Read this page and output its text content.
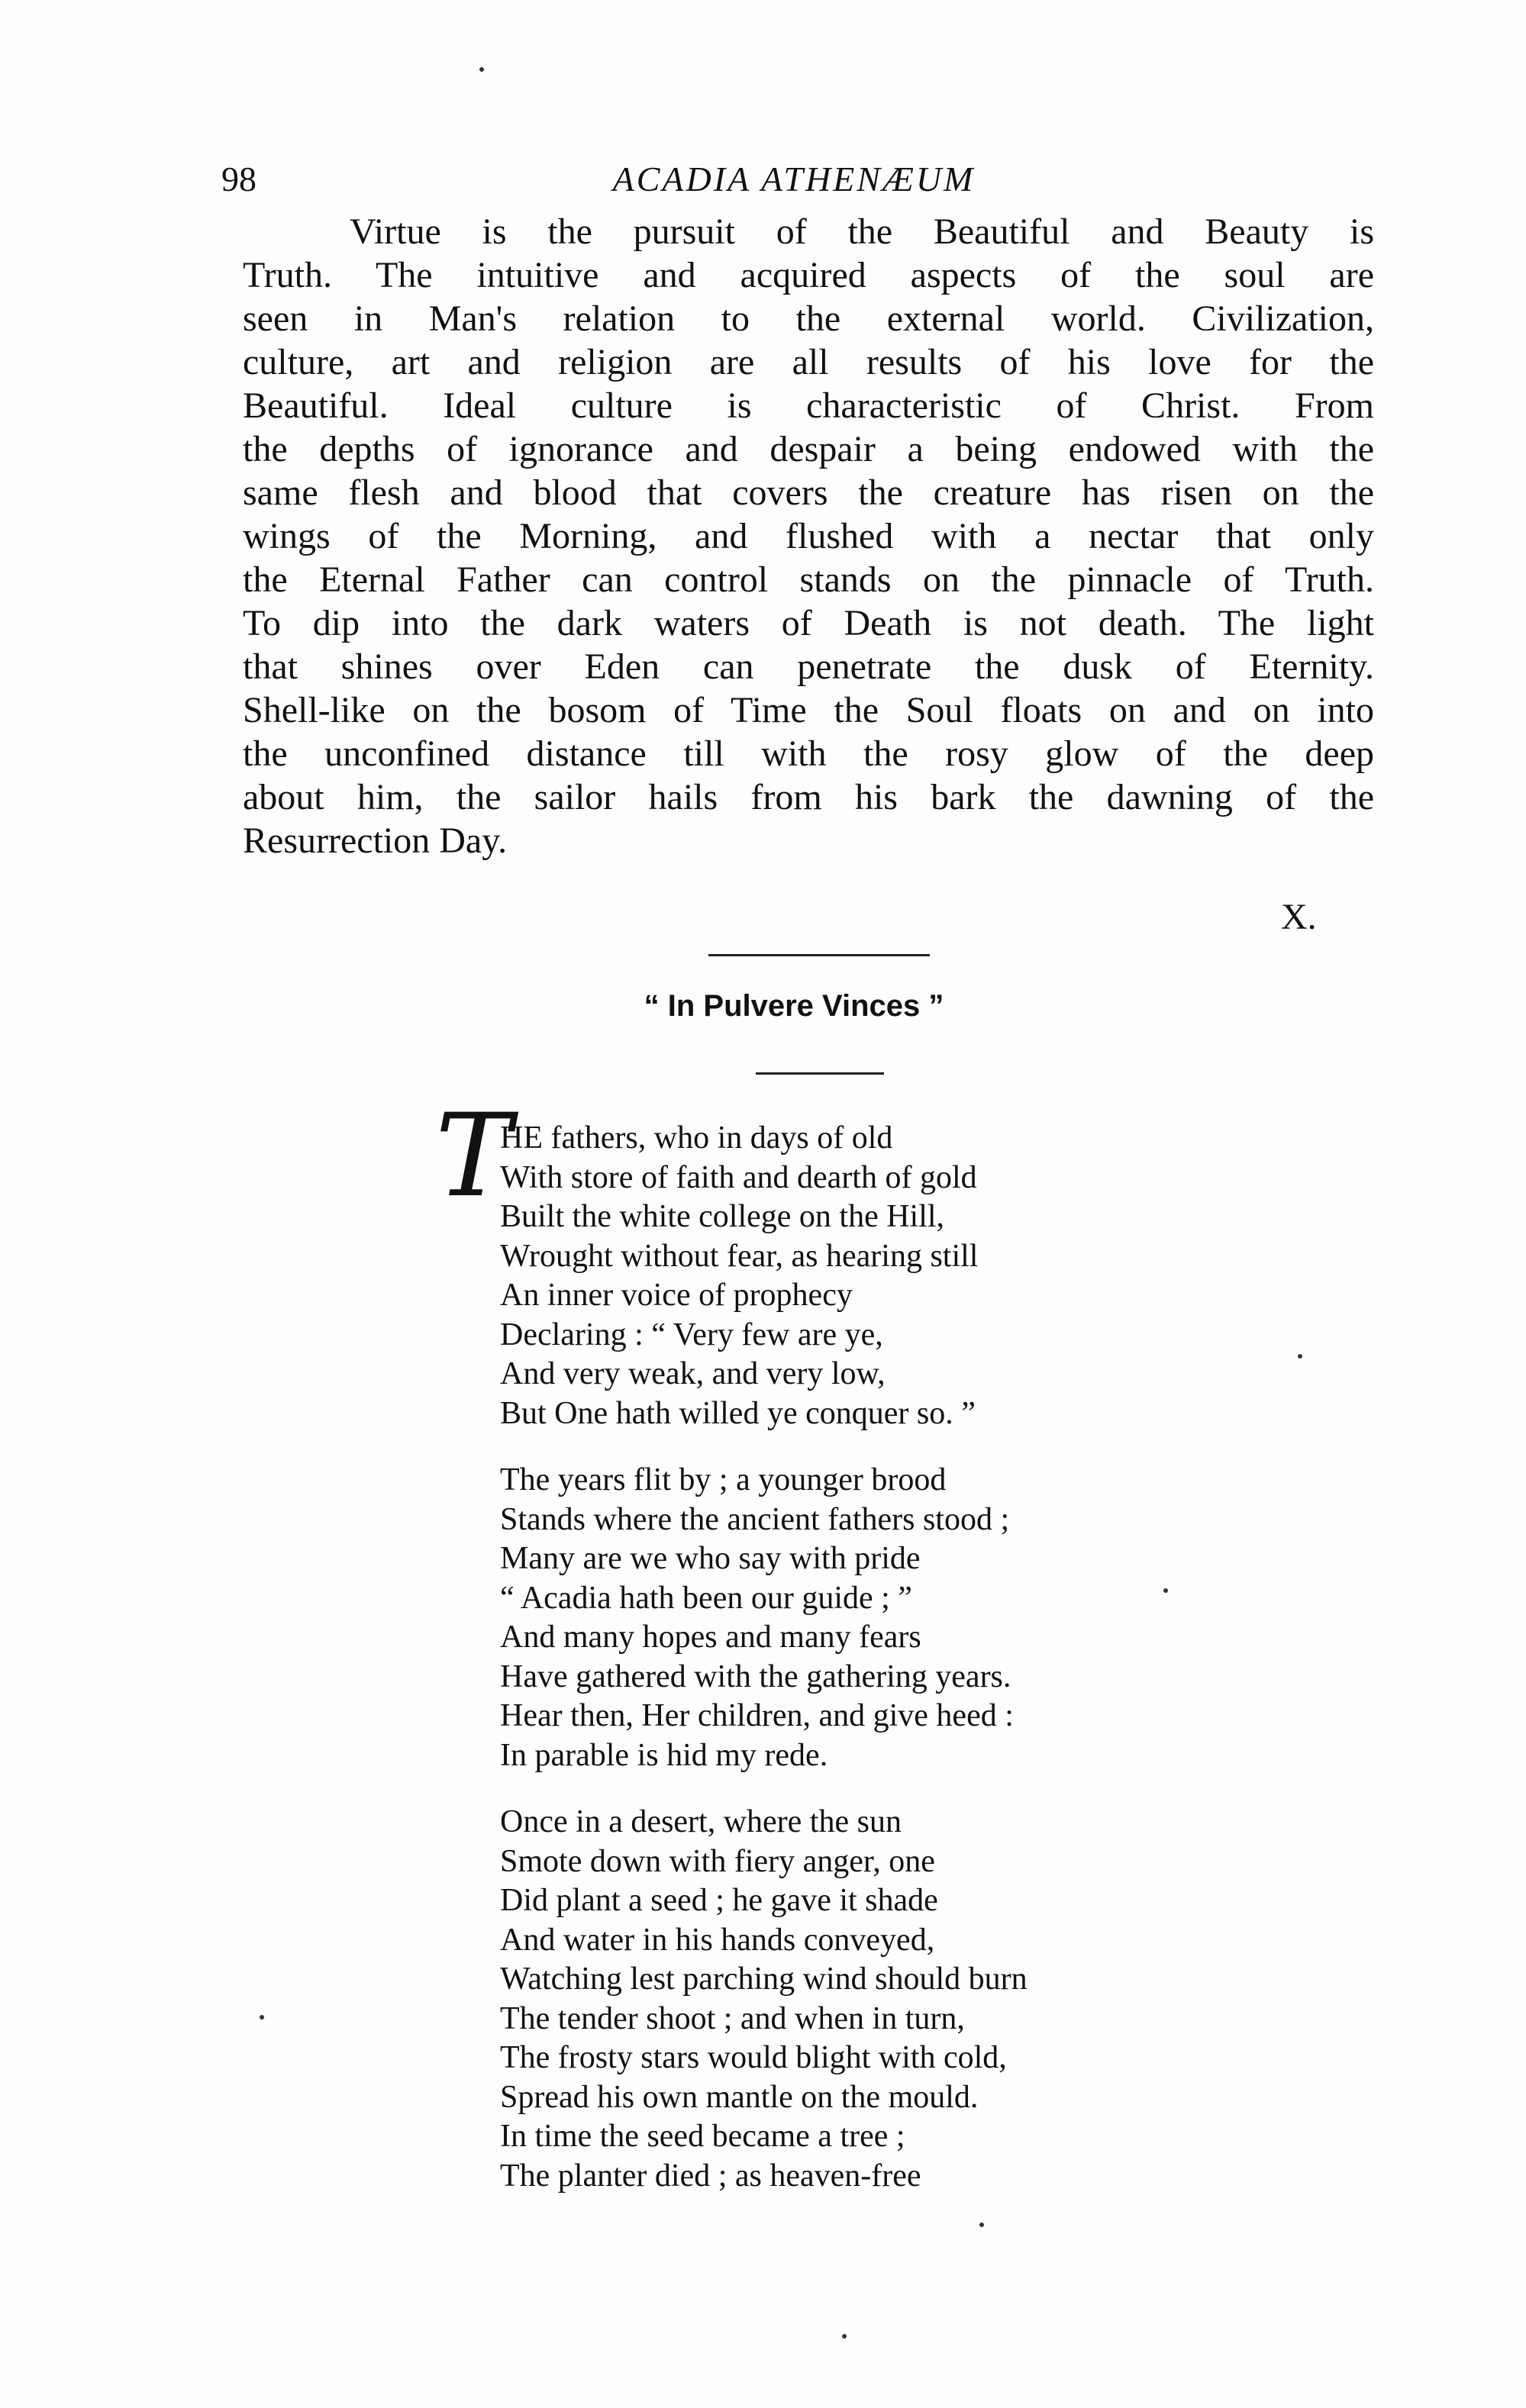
98	ACADIA ATHENÆUM
Virtue is the pursuit of the Beautiful and Beauty is
Truth. The intuitive and acquired aspects of the soul are
seen in Man's relation to the external world. Civilization,
culture, art and religion are all results of his love for the
Beautiful. Ideal culture is characteristic of Christ. From
the depths of ignorance and despair a being endowed with the
same flesh and blood that covers the creature has risen on the
wings of the Morning, and flushed with a nectar that only
the Eternal Father can control stands on the pinnacle of Truth.
To dip into the dark waters of Death is not death. The light
that shines over Eden can penetrate the dusk of Eternity.
Shell-like on the bosom of Time the Soul floats on and on into
the unconfined distance till with the rosy glow of the deep
about him, the sailor hails from his bark the dawning of the
Resurrection Day.
X.
“ In Pulvere Vinces ”
T
HE fathers, who in days of old
With store of faith and dearth of gold
Built the white college on the Hill,
Wrought without fear, as hearing still
An inner voice of prophecy
Declaring : “ Very few are ye,
And very weak, and very low,
But One hath willed ye conquer so. ”
The years flit by ; a younger brood
Stands where the ancient fathers stood ;
Many are we who say with pride
“ Acadia hath been our guide ; ”
And many hopes and many fears
Have gathered with the gathering years.
Hear then, Her children, and give heed :
In parable is hid my rede.
Once in a desert, where the sun
Smote down with fiery anger, one
Did plant a seed ; he gave it shade
And water in his hands conveyed,
Watching lest parching wind should burn
The tender shoot ; and when in turn,
The frosty stars would blight with cold,
Spread his own mantle on the mould.
In time the seed became a tree ;
The planter died ; as heaven-free
